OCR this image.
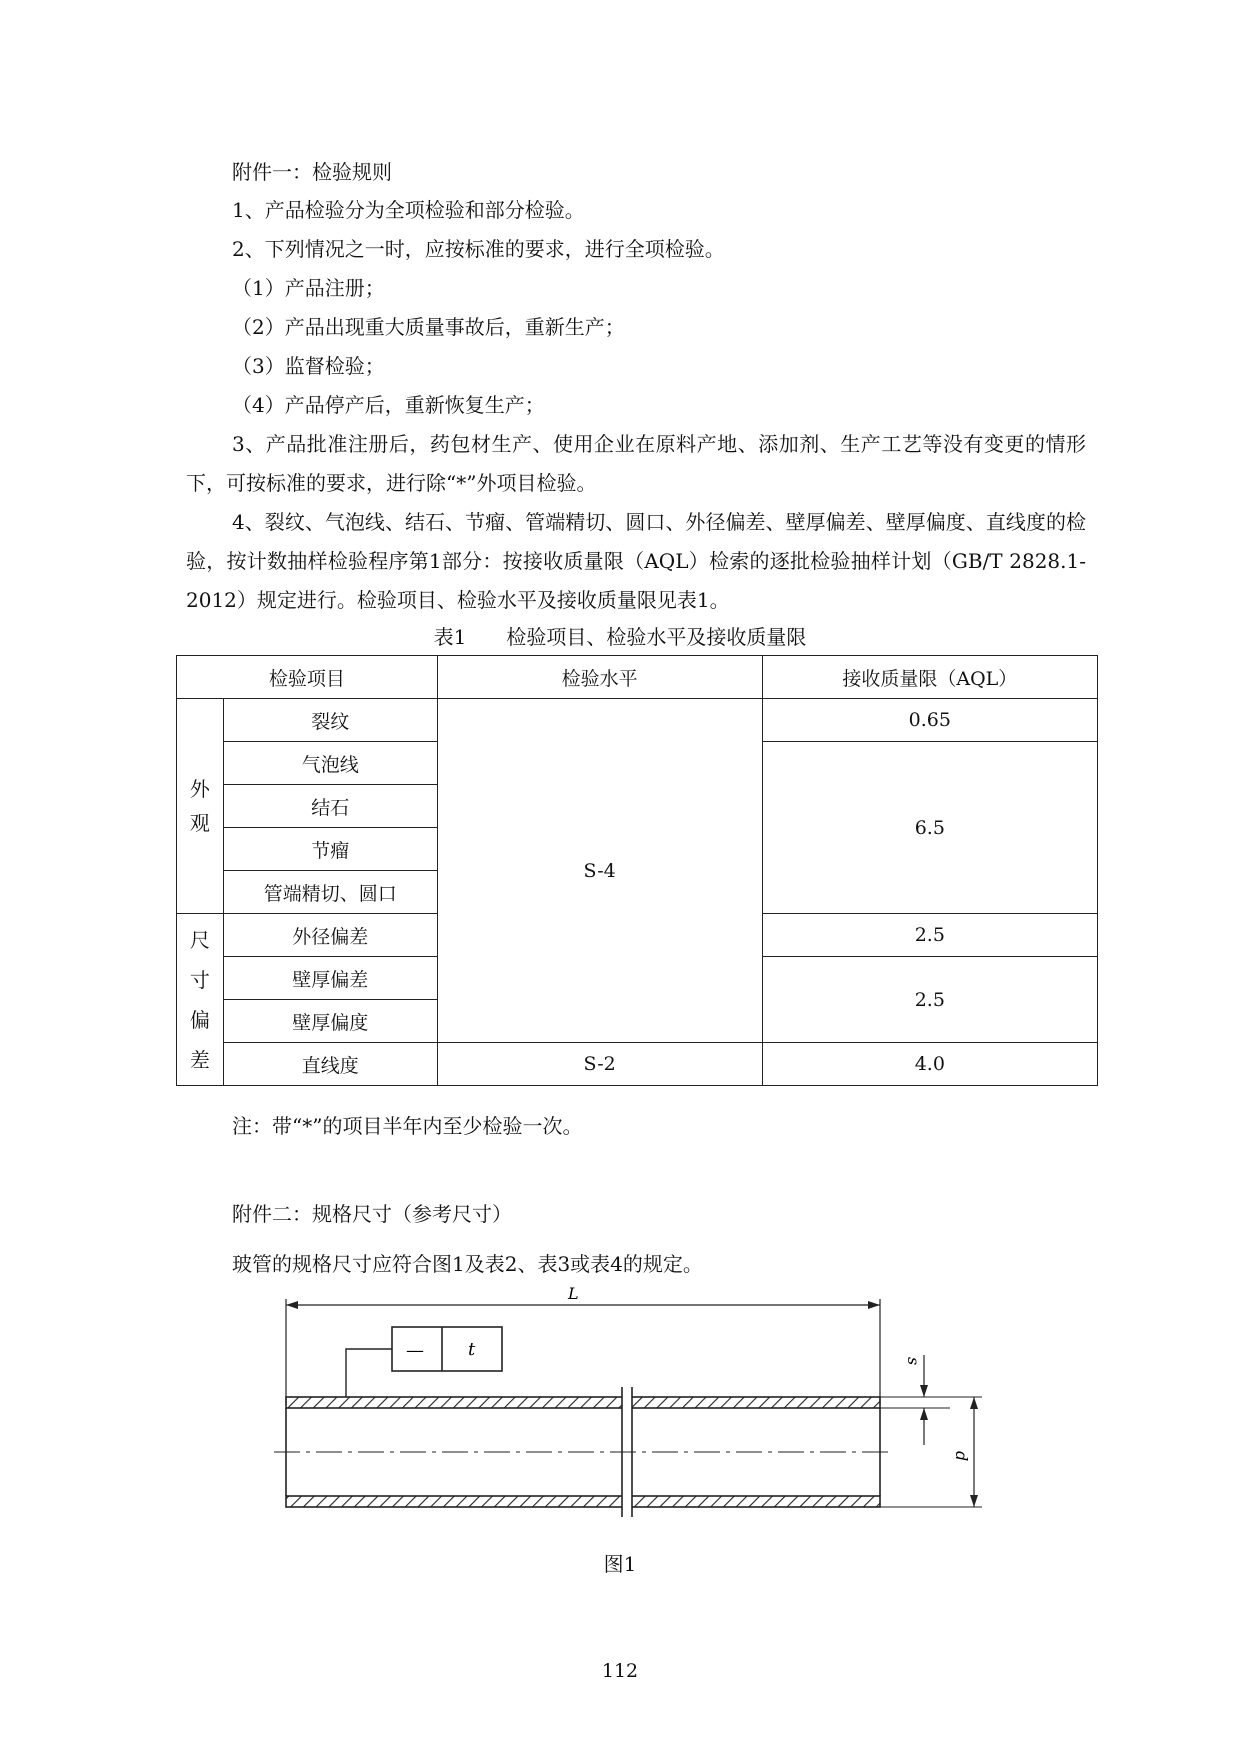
附件一：检验规则
1、产品检验分为全项检验和部分检验。
2、下列情况之一时，应按标准的要求，进行全项检验。
（1）产品注册；
（2）产品出现重大质量事故后，重新生产；
（3）监督检验；
（4）产品停产后，重新恢复生产；
3、产品批准注册后，药包材生产、使用企业在原料产地、添加剂、生产工艺等没有变更的情形下，可按标准的要求，进行除“*”外项目检验。
4、裂纹、气泡线、结石、节瘤、管端精切、圆口、外径偏差、壁厚偏差、壁厚偏度、直线度的检验，按计数抽样检验程序第1部分：按接收质量限（AQL）检索的逐批检验抽样计划（GB/T 2828.1-2012）规定进行。检验项目、检验水平及接收质量限见表1。
表1　　检验项目、检验水平及接收质量限
检验项目		检验水平	接收质量限（AQL）
外观	裂纹	S-4	0.65
	气泡线		6.5
	结石		
	节瘤		
	管端精切、圆口		
尺寸偏差	外径偏差		2.5
	壁厚偏差		2.5
	壁厚偏度		
	直线度	S-2	4.0
注：带“*”的项目半年内至少检验一次。
附件二：规格尺寸（参考尺寸）
玻管的规格尺寸应符合图1及表2、表3或表4的规定。
L
— t
s
d
图1
112
